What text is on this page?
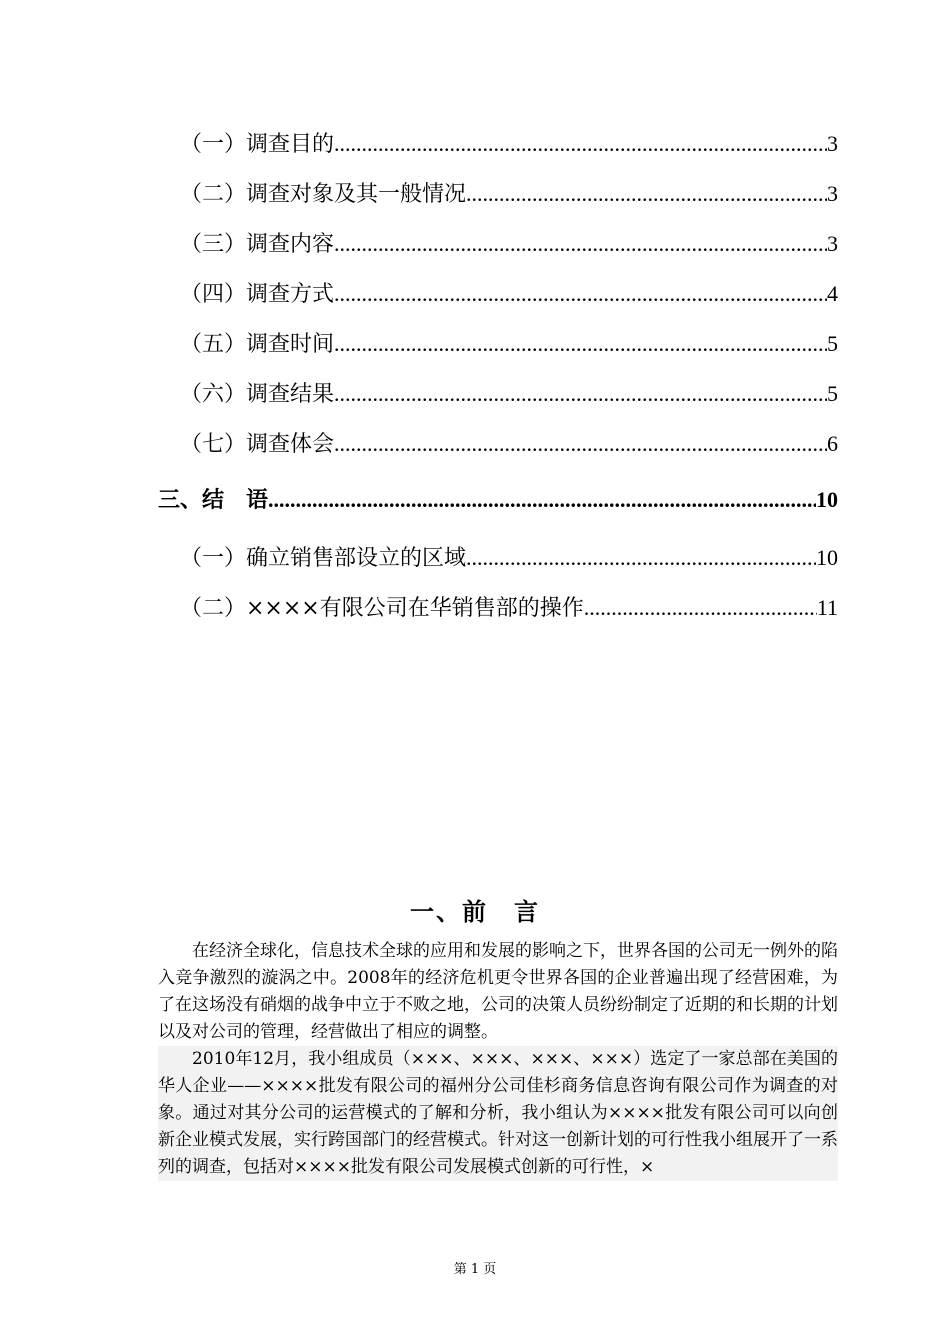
（一）调查目的 .....	3
（二）调查对象及其一般情况 .....	3
（三）调查内容 .....	3
（四）调查方式 .....	4
（五）调查时间 .....	5
（六）调查结果 .....	5
（七）调查体会 .....	6
三、结　语 .....	10
（一）确立销售部设立的区域 .....	10
（二）××××有限公司在华销售部的操作 .....	11
一、前　言

在经济全球化，信息技术全球的应用和发展的影响之下，世界各国的公司无一例外的陷入竞争激烈的漩涡之中。2008年的经济危机更令世界各国的企业普遍出现了经营困难，为了在这场没有硝烟的战争中立于不败之地，公司的决策人员纷纷制定了近期的和长期的计划以及对公司的管理，经营做出了相应的调整。

2010年12月，我小组成员（×××、×××、×××、×××）选定了一家总部在美国的华人企业——××××批发有限公司的福州分公司佳杉商务信息咨询有限公司作为调查的对象。通过对其分公司的运营模式的了解和分析，我小组认为××××批发有限公司可以向创新企业模式发展，实行跨国部门的经营模式。针对这一创新计划的可行性我小组展开了一系列的调查，包括对××××批发有限公司发展模式创新的可行性，×

第 1 页
